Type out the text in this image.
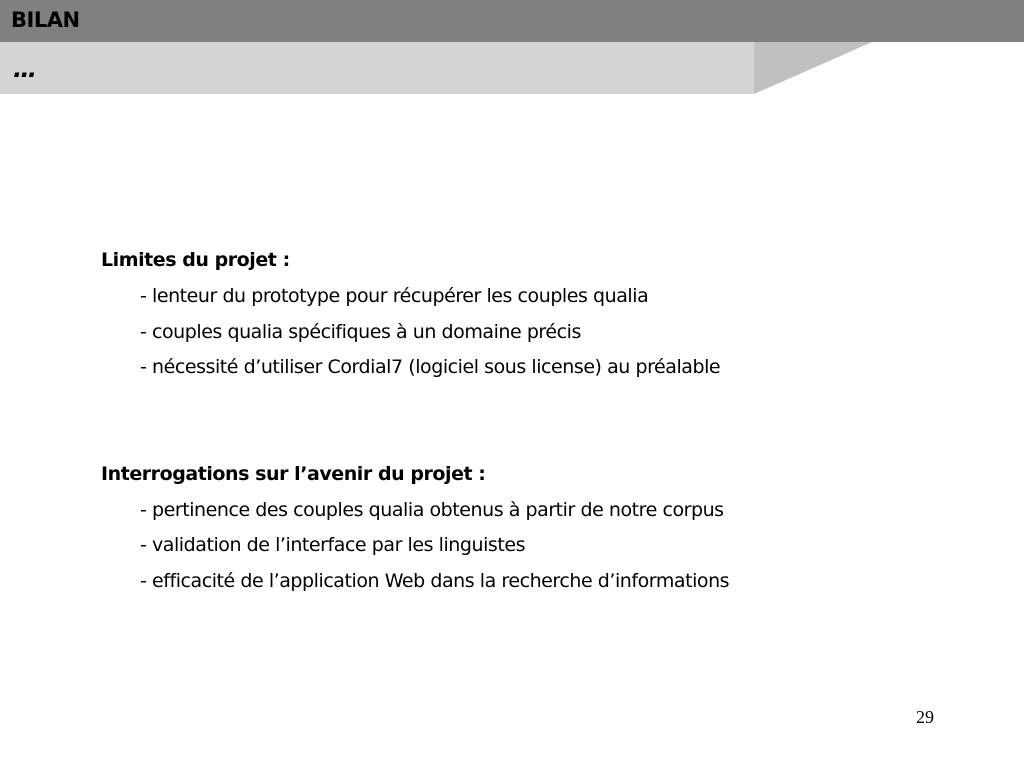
BILAN
…
Limites du projet :
- lenteur du prototype pour récupérer les couples qualia
- couples qualia spécifiques à un domaine précis
- nécessité d’utiliser Cordial7 (logiciel sous license) au préalable
Interrogations sur l’avenir du projet :
- pertinence des couples qualia obtenus à partir de notre corpus
- validation de l’interface par les linguistes
- efficacité de l’application Web dans la recherche d’informations
29
